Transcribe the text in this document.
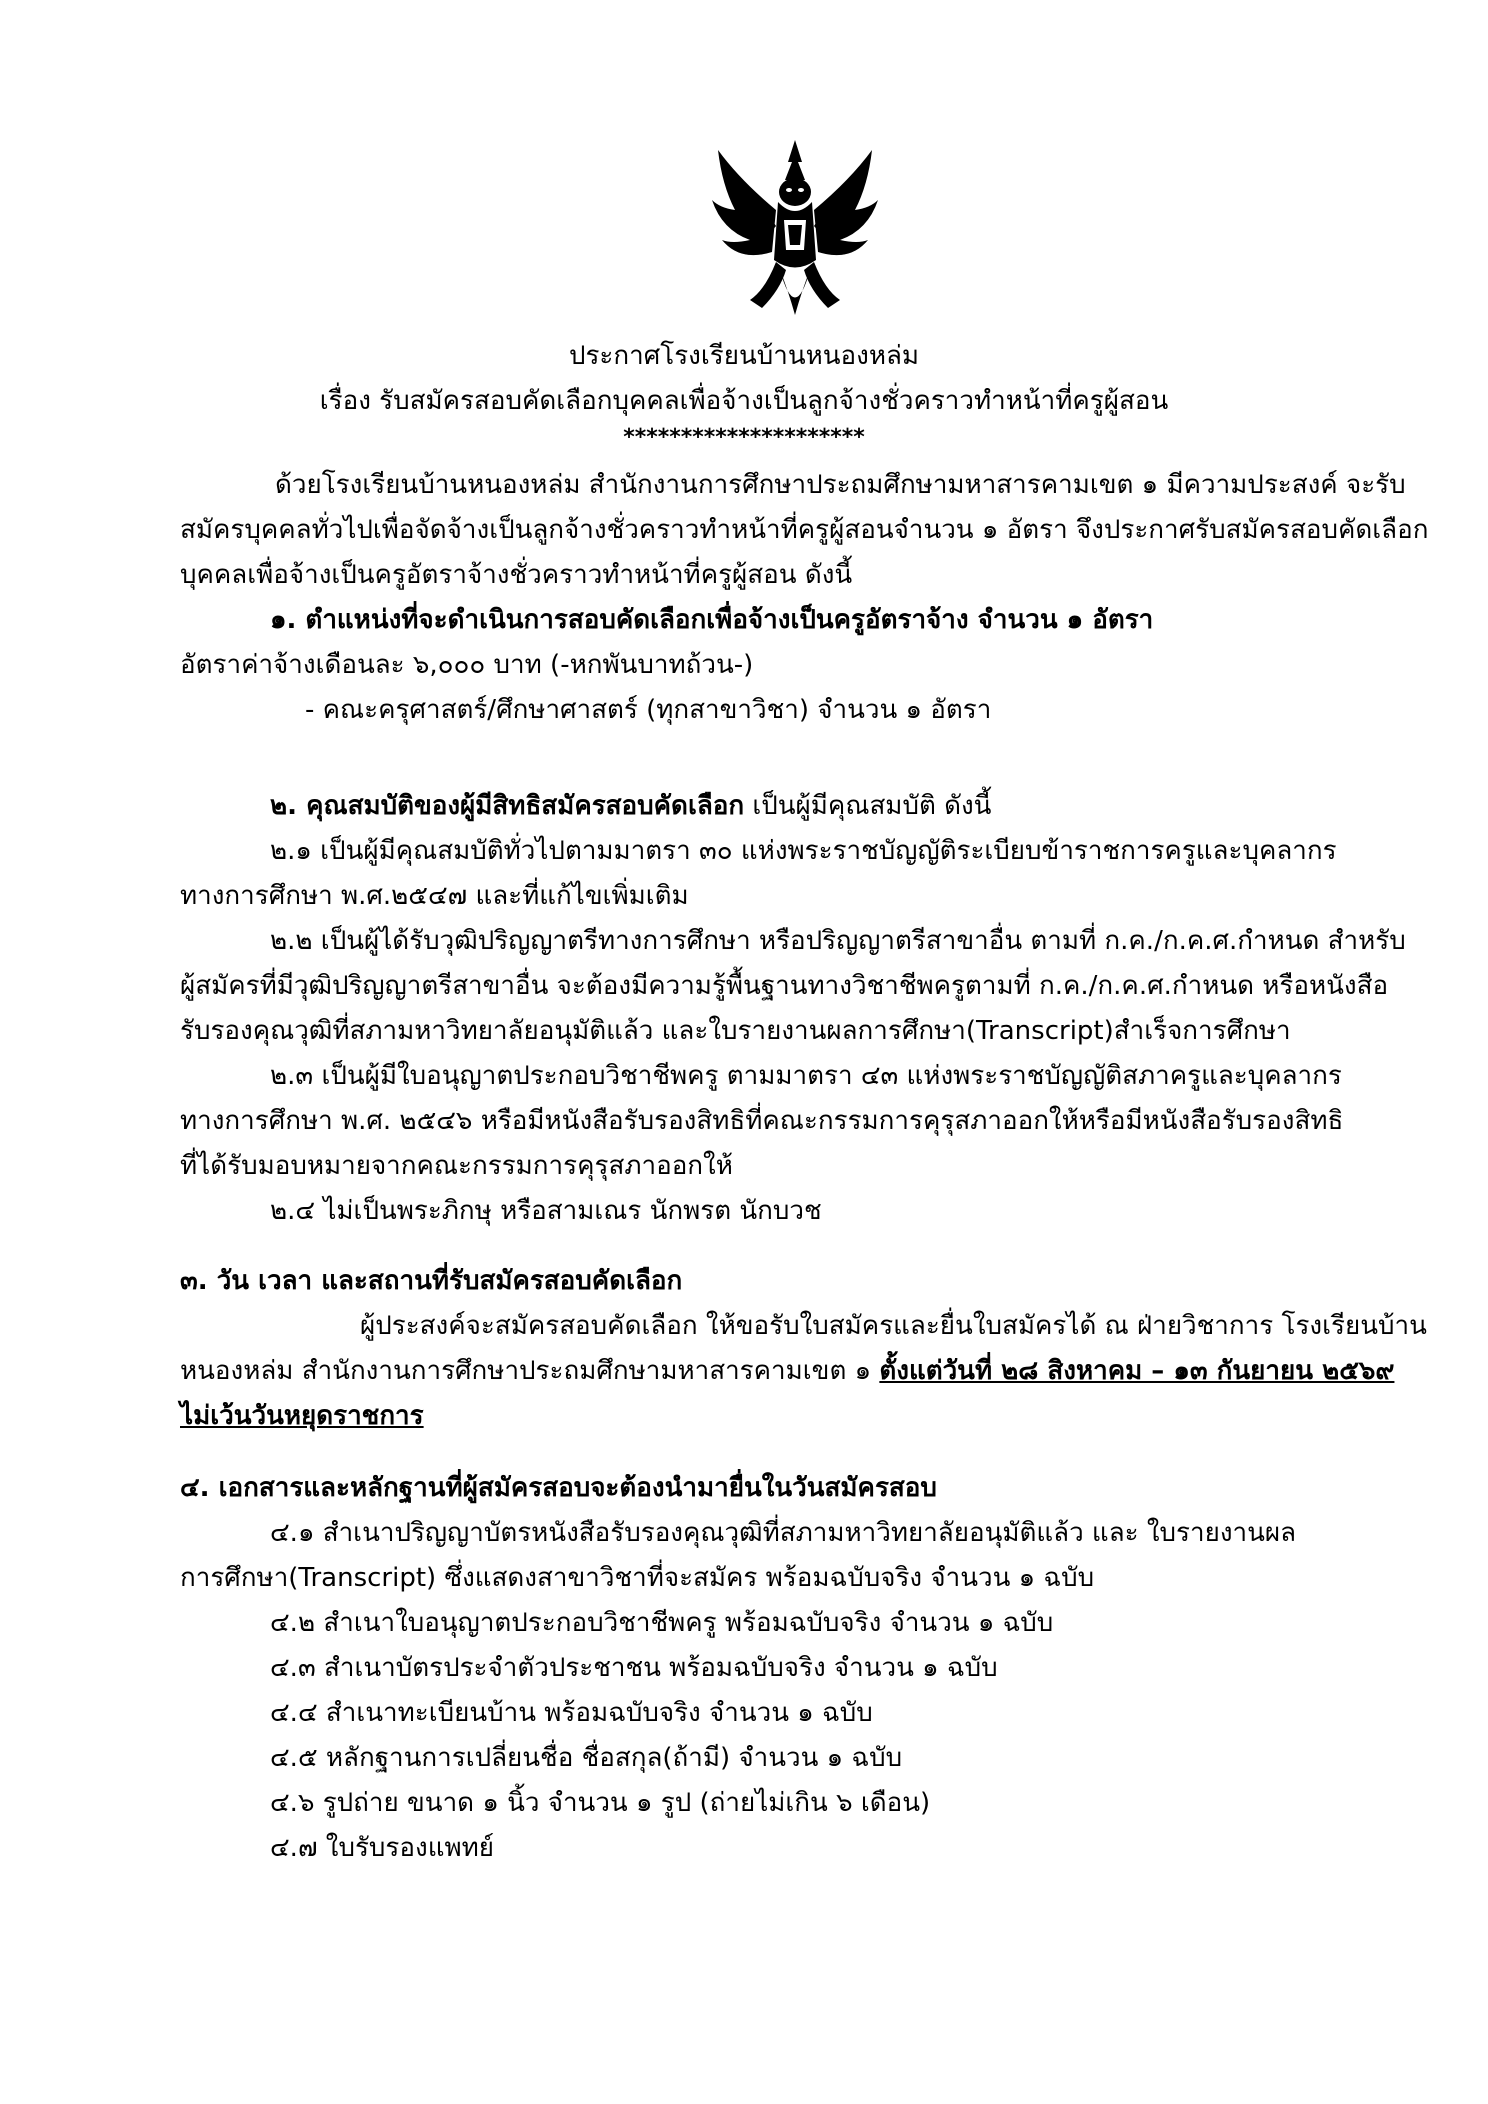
ประกาศโรงเรียนบ้านหนองหล่ม
เรื่อง รับสมัครสอบคัดเลือกบุคคลเพื่อจ้างเป็นลูกจ้างชั่วคราวทำหน้าที่ครูผู้สอน
*********************
ด้วยโรงเรียนบ้านหนองหล่ม สำนักงานการศึกษาประถมศึกษามหาสารคามเขต ๑ มีความประสงค์ จะรับ
สมัครบุคคลทั่วไปเพื่อจัดจ้างเป็นลูกจ้างชั่วคราวทำหน้าที่ครูผู้สอนจำนวน ๑ อัตรา จึงประกาศรับสมัครสอบคัดเลือก
บุคคลเพื่อจ้างเป็นครูอัตราจ้างชั่วคราวทำหน้าที่ครูผู้สอน ดังนี้
๑. ตำแหน่งที่จะดำเนินการสอบคัดเลือกเพื่อจ้างเป็นครูอัตราจ้าง จำนวน ๑ อัตรา
อัตราค่าจ้างเดือนละ ๖,๐๐๐ บาท (-หกพันบาทถ้วน-)
- คณะครุศาสตร์/ศึกษาศาสตร์ (ทุกสาขาวิชา) จำนวน ๑ อัตรา
๒. คุณสมบัติของผู้มีสิทธิสมัครสอบคัดเลือก เป็นผู้มีคุณสมบัติ ดังนี้
๒.๑ เป็นผู้มีคุณสมบัติทั่วไปตามมาตรา ๓๐ แห่งพระราชบัญญัติระเบียบข้าราชการครูและบุคลากร
ทางการศึกษา พ.ศ.๒๕๔๗ และที่แก้ไขเพิ่มเติม
๒.๒ เป็นผู้ได้รับวุฒิปริญญาตรีทางการศึกษา หรือปริญญาตรีสาขาอื่น ตามที่ ก.ค./ก.ค.ศ.กำหนด สำหรับ
ผู้สมัครที่มีวุฒิปริญญาตรีสาขาอื่น จะต้องมีความรู้พื้นฐานทางวิชาชีพครูตามที่ ก.ค./ก.ค.ศ.กำหนด หรือหนังสือ
รับรองคุณวุฒิที่สภามหาวิทยาลัยอนุมัติแล้ว และใบรายงานผลการศึกษา(Transcript)สำเร็จการศึกษา
๒.๓ เป็นผู้มีใบอนุญาตประกอบวิชาชีพครู ตามมาตรา ๔๓ แห่งพระราชบัญญัติสภาครูและบุคลากร
ทางการศึกษา พ.ศ. ๒๕๔๖ หรือมีหนังสือรับรองสิทธิที่คณะกรรมการคุรุสภาออกให้หรือมีหนังสือรับรองสิทธิ
ที่ได้รับมอบหมายจากคณะกรรมการคุรุสภาออกให้
๒.๔ ไม่เป็นพระภิกษุ หรือสามเณร นักพรต นักบวช
๓. วัน เวลา และสถานที่รับสมัครสอบคัดเลือก
ผู้ประสงค์จะสมัครสอบคัดเลือก ให้ขอรับใบสมัครและยื่นใบสมัครได้ ณ ฝ่ายวิชาการ โรงเรียนบ้าน
หนองหล่ม สำนักงานการศึกษาประถมศึกษามหาสารคามเขต ๑ ตั้งแต่วันที่ ๒๘ สิงหาคม – ๑๓ กันยายน ๒๕๖๙
ไม่เว้นวันหยุดราชการ
๔. เอกสารและหลักฐานที่ผู้สมัครสอบจะต้องนำมายื่นในวันสมัครสอบ
๔.๑ สำเนาปริญญาบัตรหนังสือรับรองคุณวุฒิที่สภามหาวิทยาลัยอนุมัติแล้ว และ ใบรายงานผล
การศึกษา(Transcript) ซึ่งแสดงสาขาวิชาที่จะสมัคร พร้อมฉบับจริง จำนวน ๑ ฉบับ
๔.๒ สำเนาใบอนุญาตประกอบวิชาชีพครู พร้อมฉบับจริง จำนวน ๑ ฉบับ
๔.๓ สำเนาบัตรประจำตัวประชาชน พร้อมฉบับจริง จำนวน ๑ ฉบับ
๔.๔ สำเนาทะเบียนบ้าน พร้อมฉบับจริง จำนวน ๑ ฉบับ
๔.๕ หลักฐานการเปลี่ยนชื่อ ชื่อสกุล(ถ้ามี) จำนวน ๑ ฉบับ
๔.๖ รูปถ่าย ขนาด ๑ นิ้ว จำนวน ๑ รูป (ถ่ายไม่เกิน ๖ เดือน)
๔.๗ ใบรับรองแพทย์
